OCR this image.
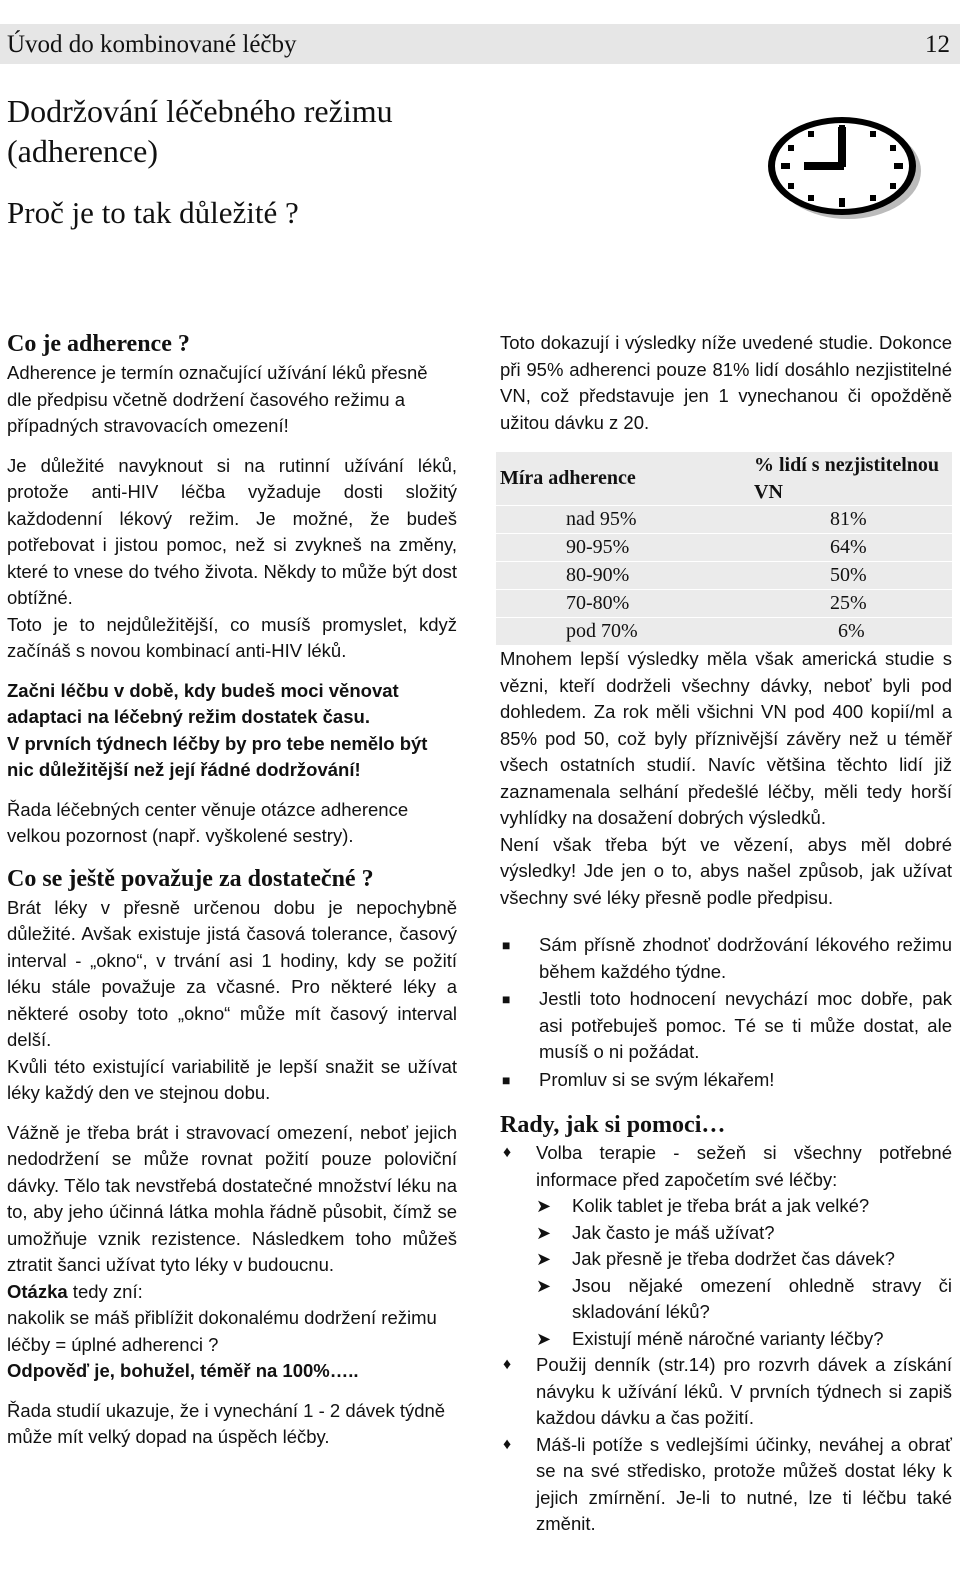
Úvod do kombinované léčby	12
Dodržování léčebného režimu
(adherence)
Proč je to tak důležité ?

Co je adherence ?

Adherence je termín označující užívání léků přesně dle předpisu včetně dodržení časového režimu a případných stravovacích omezení!

Je důležité navyknout si na rutinní užívání léků, protože anti-HIV léčba vyžaduje dosti složitý každodenní lékový režim. Je možné, že budeš potřebovat i jistou pomoc, než si zvykneš na změny, které to vnese do tvého života. Někdy to může být dost obtížné.

Toto je to nejdůležitější, co musíš promyslet, když začínáš s novou kombinací anti-HIV léků.

Začni léčbu v době, kdy budeš moci věnovat adaptaci na léčebný režim dostatek času.

V prvních týdnech léčby by pro tebe nemělo být nic důležitější než její řádné dodržování!

Řada léčebných center věnuje otázce adherence velkou pozornost (např. vyškolené sestry).

Co se ještě považuje za dostatečné ?

Brát léky v přesně určenou dobu je nepochybně důležité. Avšak existuje jistá časová tolerance, časový interval - „okno“, v trvání asi 1 hodiny, kdy se požití léku stále považuje za včasné. Pro některé léky a některé osoby toto „okno“ může mít časový interval delší.

Kvůli této existující variabilitě je lepší snažit se užívat léky každý den ve stejnou dobu.

Vážně je třeba brát i stravovací omezení, neboť jejich nedodržení se může rovnat požití pouze poloviční dávky. Tělo tak nevstřebá dostatečné množství léku na to, aby jeho účinná látka mohla řádně působit, čímž se umožňuje vznik rezistence. Následkem toho můžeš ztratit šanci užívat tyto léky v budoucnu.

Otázka tedy zní:

nakolik se máš přiblížit dokonalému dodržení režimu léčby = úplné adherenci ?

Odpověď je, bohužel, téměř na 100%…..

Řada studií ukazuje, že i vynechání 1 - 2 dávek týdně může mít velký dopad na úspěch léčby.

Toto dokazují i výsledky níže uvedené studie. Dokonce při 95% adherenci pouze 81% lidí dosáhlo nezjistitelné VN, což představuje jen 1 vynechanou či opožděně užitou dávku z 20.

Míra adherence	% lidí s nezjistitelnou VN
nad 95%	81%
90-95%	64%
80-90%	50%
70-80%	25%
pod 70%	6%

Mnohem lepší výsledky měla však americká studie s vězni, kteří dodrželi všechny dávky, neboť byli pod dohledem. Za rok měli všichni VN pod 400 kopií/ml a 85% pod 50, což byly příznivější závěry než u téměř všech ostatních studií. Navíc většina těchto lidí již zaznamenala selhání předešlé léčby, měli tedy horší vyhlídky na dosažení dobrých výsledků.

Není však třeba být ve vězení, abys měl dobré výsledky! Jde jen o to, abys našel způsob, jak užívat všechny své léky přesně podle předpisu.

■ Sám přísně zhodnoť dodržování lékového režimu během každého týdne.
■ Jestli toto hodnocení nevychází moc dobře, pak asi potřebuješ pomoc. Té se ti může dostat, ale musíš o ni požádat.
■ Promluv si se svým lékařem!

Rady, jak si pomoci…

♦ Volba terapie - sežeň si všechny potřebné informace před započetím své léčby:
➤ Kolik tablet je třeba brát a jak velké?
➤ Jak často je máš užívat?
➤ Jak přesně je třeba dodržet čas dávek?
➤ Jsou nějaké omezení ohledně stravy či skladování léků?
➤ Existují méně náročné varianty léčby?
♦ Použij denník (str.14) pro rozvrh dávek a získání návyku k užívání léků. V prvních týdnech si zapiš každou dávku a čas požití.
♦ Máš-li potíže s vedlejšími účinky, neváhej a obrať se na své středisko, protože můžeš dostat léky k jejich zmírnění. Je-li to nutné, lze ti léčbu také změnit.
